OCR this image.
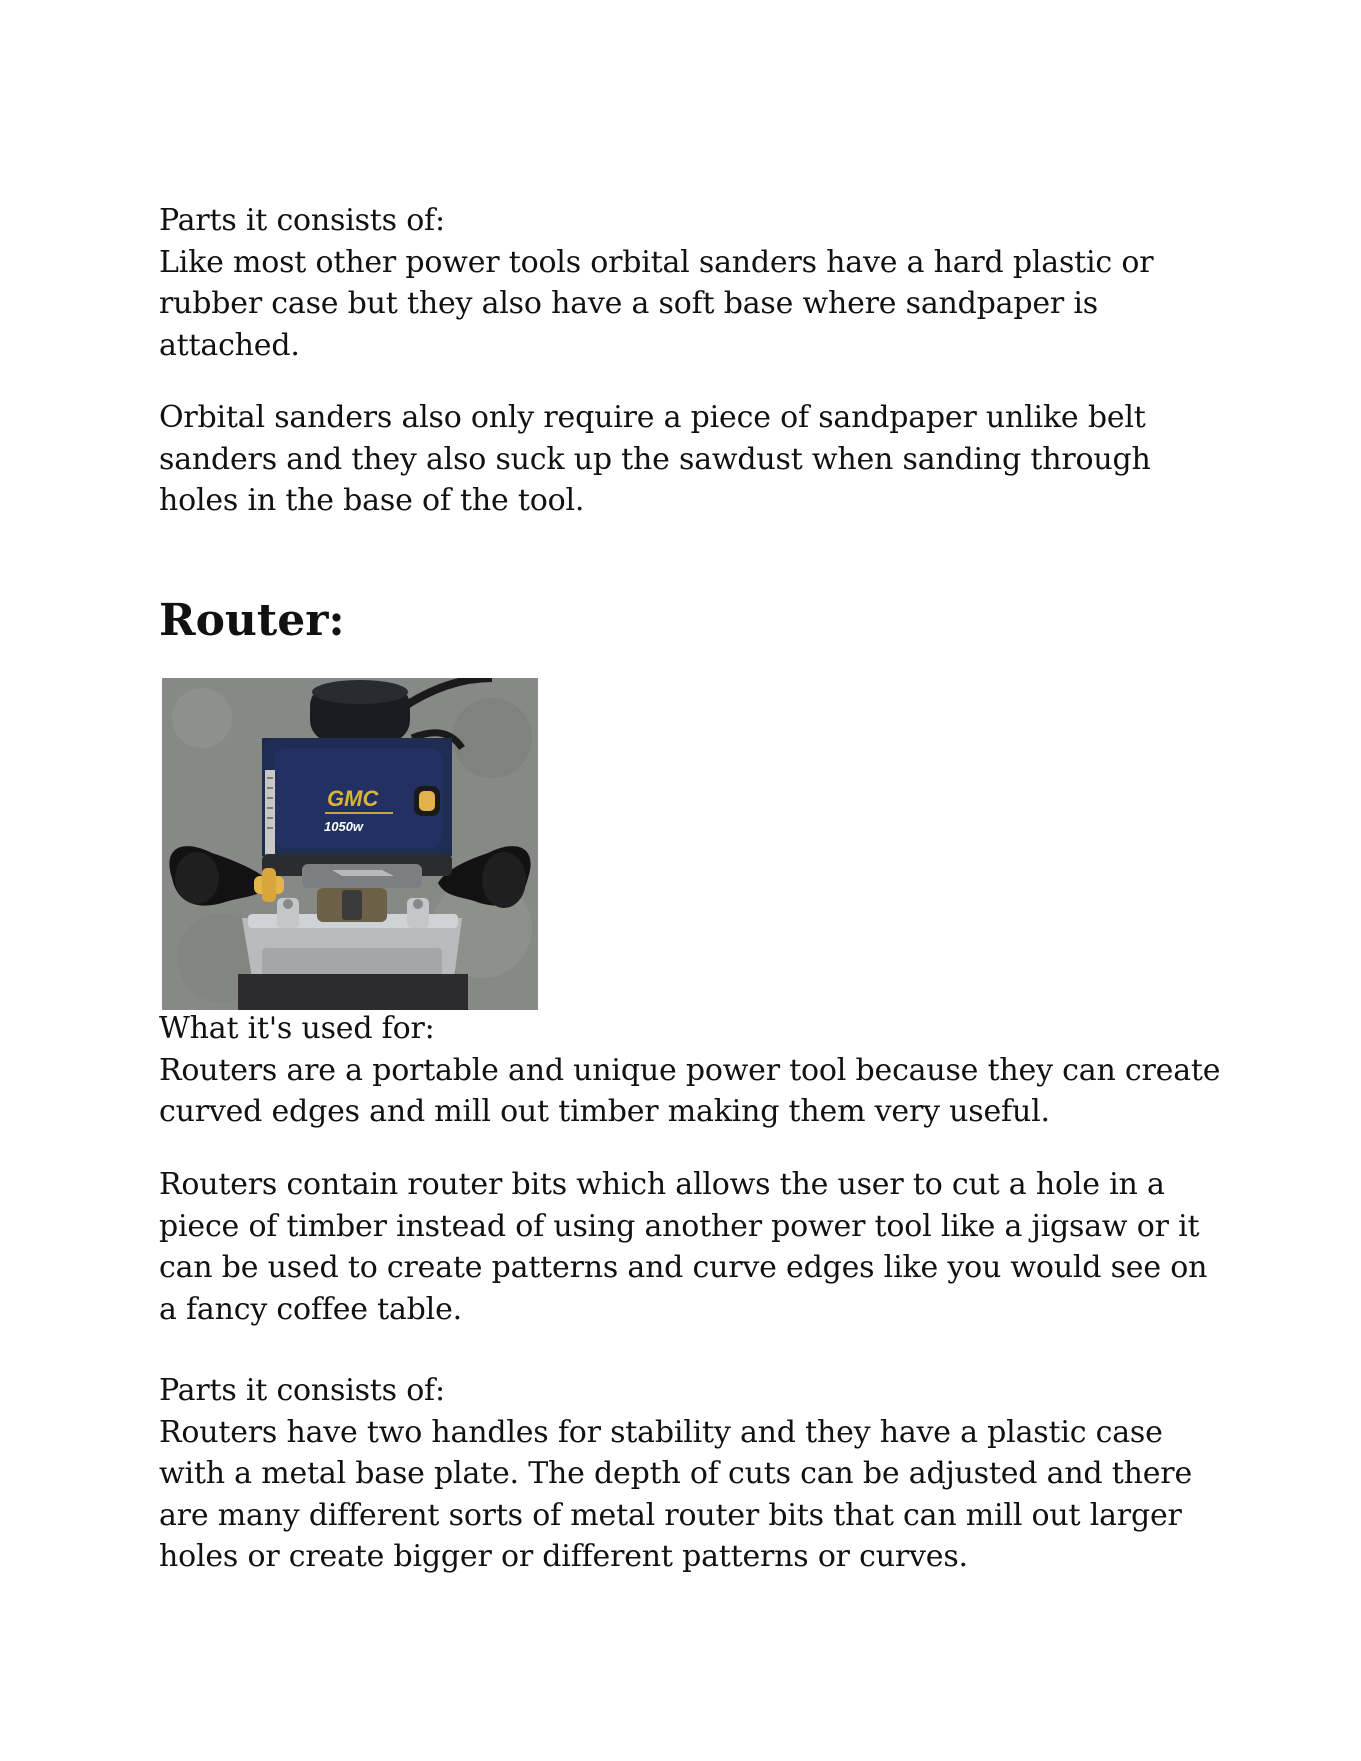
Parts it consists of:
Like most other power tools orbital sanders have a hard plastic or rubber case but they also have a soft base where sandpaper is attached.
Orbital sanders also only require a piece of sandpaper unlike belt sanders and they also suck up the sawdust when sanding through holes in the base of the tool.
Router:
GMC
1050w
What it's used for:
Routers are a portable and unique power tool because they can create curved edges and mill out timber making them very useful.
Routers contain router bits which allows the user to cut a hole in a piece of timber instead of using another power tool like a jigsaw or it can be used to create patterns and curve edges like you would see on a fancy coffee table.
Parts it consists of:
Routers have two handles for stability and they have a plastic case with a metal base plate. The depth of cuts can be adjusted and there are many different sorts of metal router bits that can mill out larger holes or create bigger or different patterns or curves.
